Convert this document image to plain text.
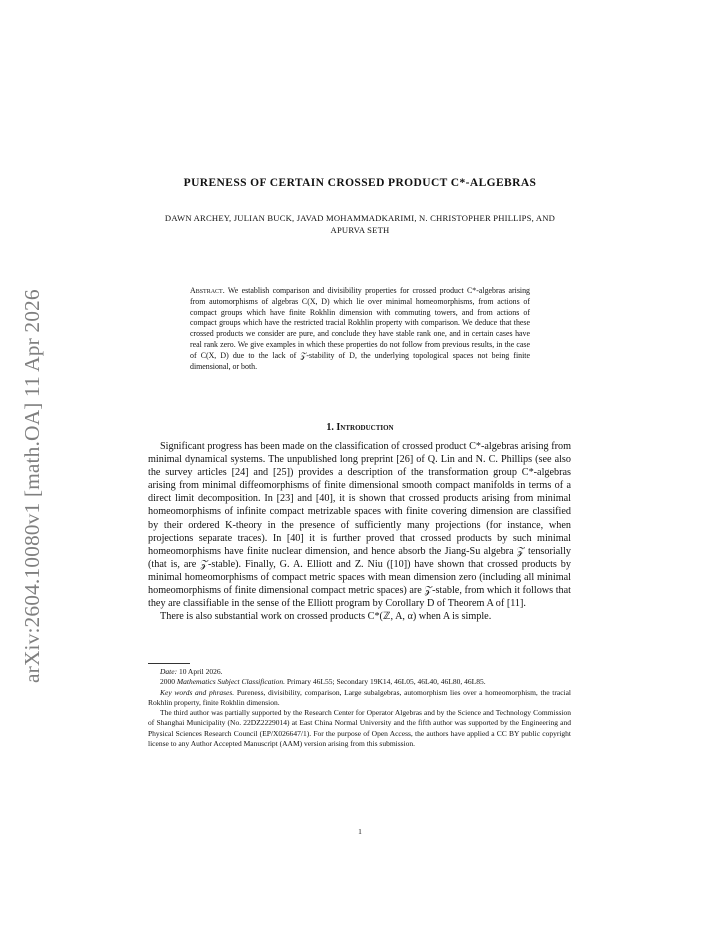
arXiv:2604.10080v1 [math.OA] 11 Apr 2026
PURENESS OF CERTAIN CROSSED PRODUCT C*-ALGEBRAS

DAWN ARCHEY, JULIAN BUCK, JAVAD MOHAMMADKARIMI, N. CHRISTOPHER PHILLIPS, AND APURVA SETH

Abstract. We establish comparison and divisibility properties for crossed product C*-algebras arising from automorphisms of algebras C(X, D) which lie over minimal homeomorphisms, from actions of compact groups which have finite Rokhlin dimension with commuting towers, and from actions of compact groups which have the restricted tracial Rokhlin property with comparison. We deduce that these crossed products we consider are pure, and conclude they have stable rank one, and in certain cases have real rank zero. We give examples in which these properties do not follow from previous results, in the case of C(X, D) due to the lack of 𝒵-stability of D, the underlying topological spaces not being finite dimensional, or both.

1. Introduction

Significant progress has been made on the classification of crossed product C*-algebras arising from minimal dynamical systems. The unpublished long preprint [26] of Q. Lin and N. C. Phillips (see also the survey articles [24] and [25]) provides a description of the transformation group C*-algebras arising from minimal diffeomorphisms of finite dimensional smooth compact manifolds in terms of a direct limit decomposition. In [23] and [40], it is shown that crossed products arising from minimal homeomorphisms of infinite compact metrizable spaces with finite covering dimension are classified by their ordered K-theory in the presence of sufficiently many projections (for instance, when projections separate traces). In [40] it is further proved that crossed products by such minimal homeomorphisms have finite nuclear dimension, and hence absorb the Jiang-Su algebra 𝒵 tensorially (that is, are 𝒵-stable). Finally, G. A. Elliott and Z. Niu ([10]) have shown that crossed products by minimal homeomorphisms of compact metric spaces with mean dimension zero (including all minimal homeomorphisms of finite dimensional compact metric spaces) are 𝒵-stable, from which it follows that they are classifiable in the sense of the Elliott program by Corollary D of Theorem A of [11].

There is also substantial work on crossed products C*(ℤ, A, α) when A is simple.

Date: 10 April 2026.

2000 Mathematics Subject Classification. Primary 46L55; Secondary 19K14, 46L05, 46L40, 46L80, 46L85.

Key words and phrases. Pureness, divisibility, comparison, Large subalgebras, automorphism lies over a homeomorphism, the tracial Rokhlin property, finite Rokhlin dimension.

The third author was partially supported by the Research Center for Operator Algebras and by the Science and Technology Commission of Shanghai Municipality (No. 22DZ2229014) at East China Normal University and the fifth author was supported by the Engineering and Physical Sciences Research Council (EP/X026647/1). For the purpose of Open Access, the authors have applied a CC BY public copyright license to any Author Accepted Manuscript (AAM) version arising from this submission.

1
